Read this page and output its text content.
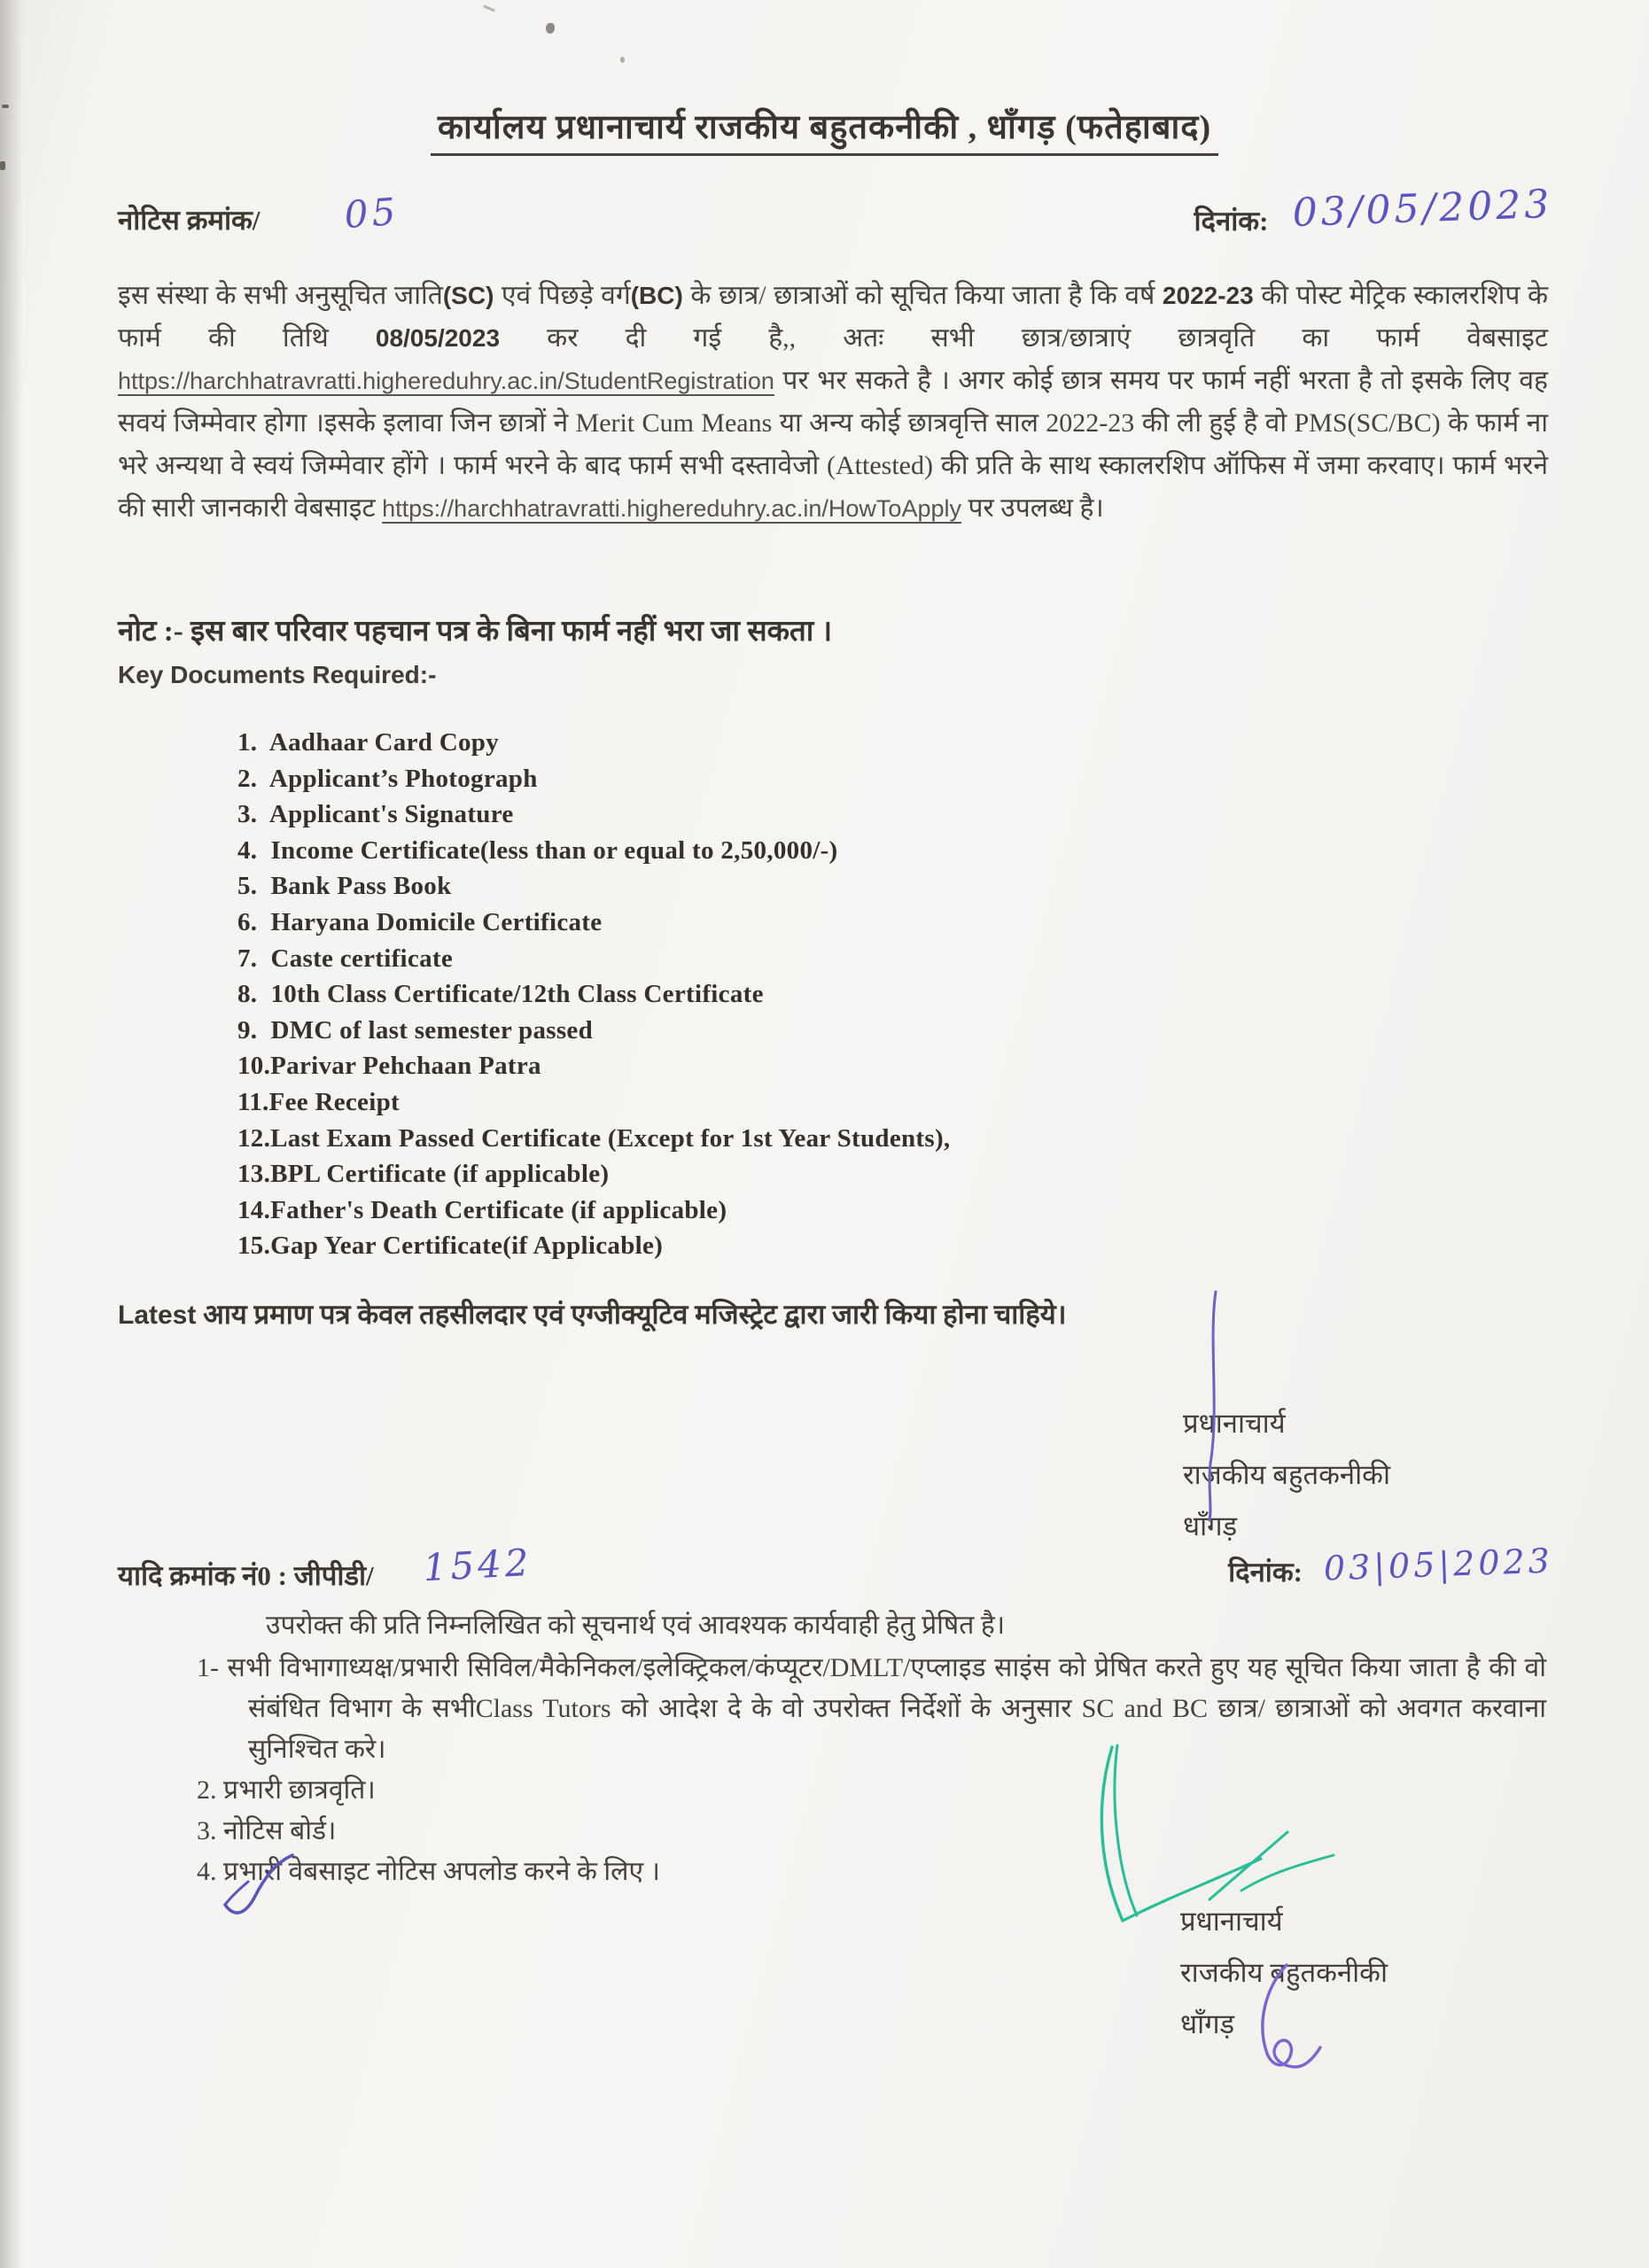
कार्यालय प्रधानाचार्य राजकीय बहुतकनीकी , धाँगड़ (फतेहाबाद)
नोटिस क्रमांक/ 05	दिनांक: 03/05/2023

इस संस्था के सभी अनुसूचित जाति(SC) एवं पिछड़े वर्ग(BC) के छात्र/ छात्राओं को सूचित किया जाता है कि वर्ष 2022-23 की पोस्ट मेट्रिक स्कालरशिप के फार्म की तिथि 08/05/2023 कर दी गई है,, अतः सभी छात्र/छात्राएं छात्रवृति का फार्म वेबसाइट https://harchhatravratti.highereduhry.ac.in/StudentRegistration पर भर सकते है । अगर कोई छात्र समय पर फार्म नहीं भरता है तो इसके लिए वह सवयं जिम्मेवार होगा ।इसके इलावा जिन छात्रों ने Merit Cum Means या अन्य कोई छात्रवृत्ति साल 2022-23 की ली हुई है वो PMS(SC/BC) के फार्म ना भरे अन्यथा वे स्वयं जिम्मेवार होंगे । फार्म भरने के बाद फार्म सभी दस्तावेजो (Attested) की प्रति के साथ स्कालरशिप ऑफिस में जमा करवाए। फार्म भरने की सारी जानकारी वेबसाइट https://harchhatravratti.highereduhry.ac.in/HowToApply पर उपलब्ध है।

नोट :- इस बार परिवार पहचान पत्र के बिना फार्म नहीं भरा जा सकता ।
Key Documents Required:-
1.  Aadhaar Card Copy
2.  Applicant’s Photograph
3.  Applicant's Signature
4.  Income Certificate(less than or equal to 2,50,000/-)
5.  Bank Pass Book
6.  Haryana Domicile Certificate
7.  Caste certificate
8.  10th Class Certificate/12th Class Certificate
9.  DMC of last semester passed
10.Parivar Pehchaan Patra
11.Fee Receipt
12.Last Exam Passed Certificate (Except for 1st Year Students),
13.BPL Certificate (if applicable)
14.Father's Death Certificate (if applicable)
15.Gap Year Certificate(if Applicable)
Latest आय प्रमाण पत्र केवल तहसीलदार एवं एग्जीक्यूटिव मजिस्ट्रेट द्वारा जारी किया होना चाहिये।
प्रधानाचार्य
राजकीय बहुतकनीकी
धाँगड़
यादि क्रमांक नं0 : जीपीडी/ 1542	दिनांक: 03|05|2023
उपरोक्त की प्रति निम्नलिखित को सूचनार्थ एवं आवश्यक कार्यवाही हेतु प्रेषित है।
1- सभी विभागाध्यक्ष/प्रभारी सिविल/मैकेनिकल/इलेक्ट्रिकल/कंप्यूटर/DMLT/एप्लाइड साइंस को प्रेषित करते हुए यह सूचित किया जाता है की वो संबंधित विभाग के सभीClass Tutors को आदेश दे के वो उपरोक्त निर्देशों के अनुसार SC and BC छात्र/ छात्राओं को अवगत करवाना सुनिश्चित करे।
2. प्रभारी छात्रवृति।
3. नोटिस बोर्ड।
4. प्रभारी वेबसाइट नोटिस अपलोड करने के लिए ।
प्रधानाचार्य
राजकीय बहुतकनीकी
धाँगड़
